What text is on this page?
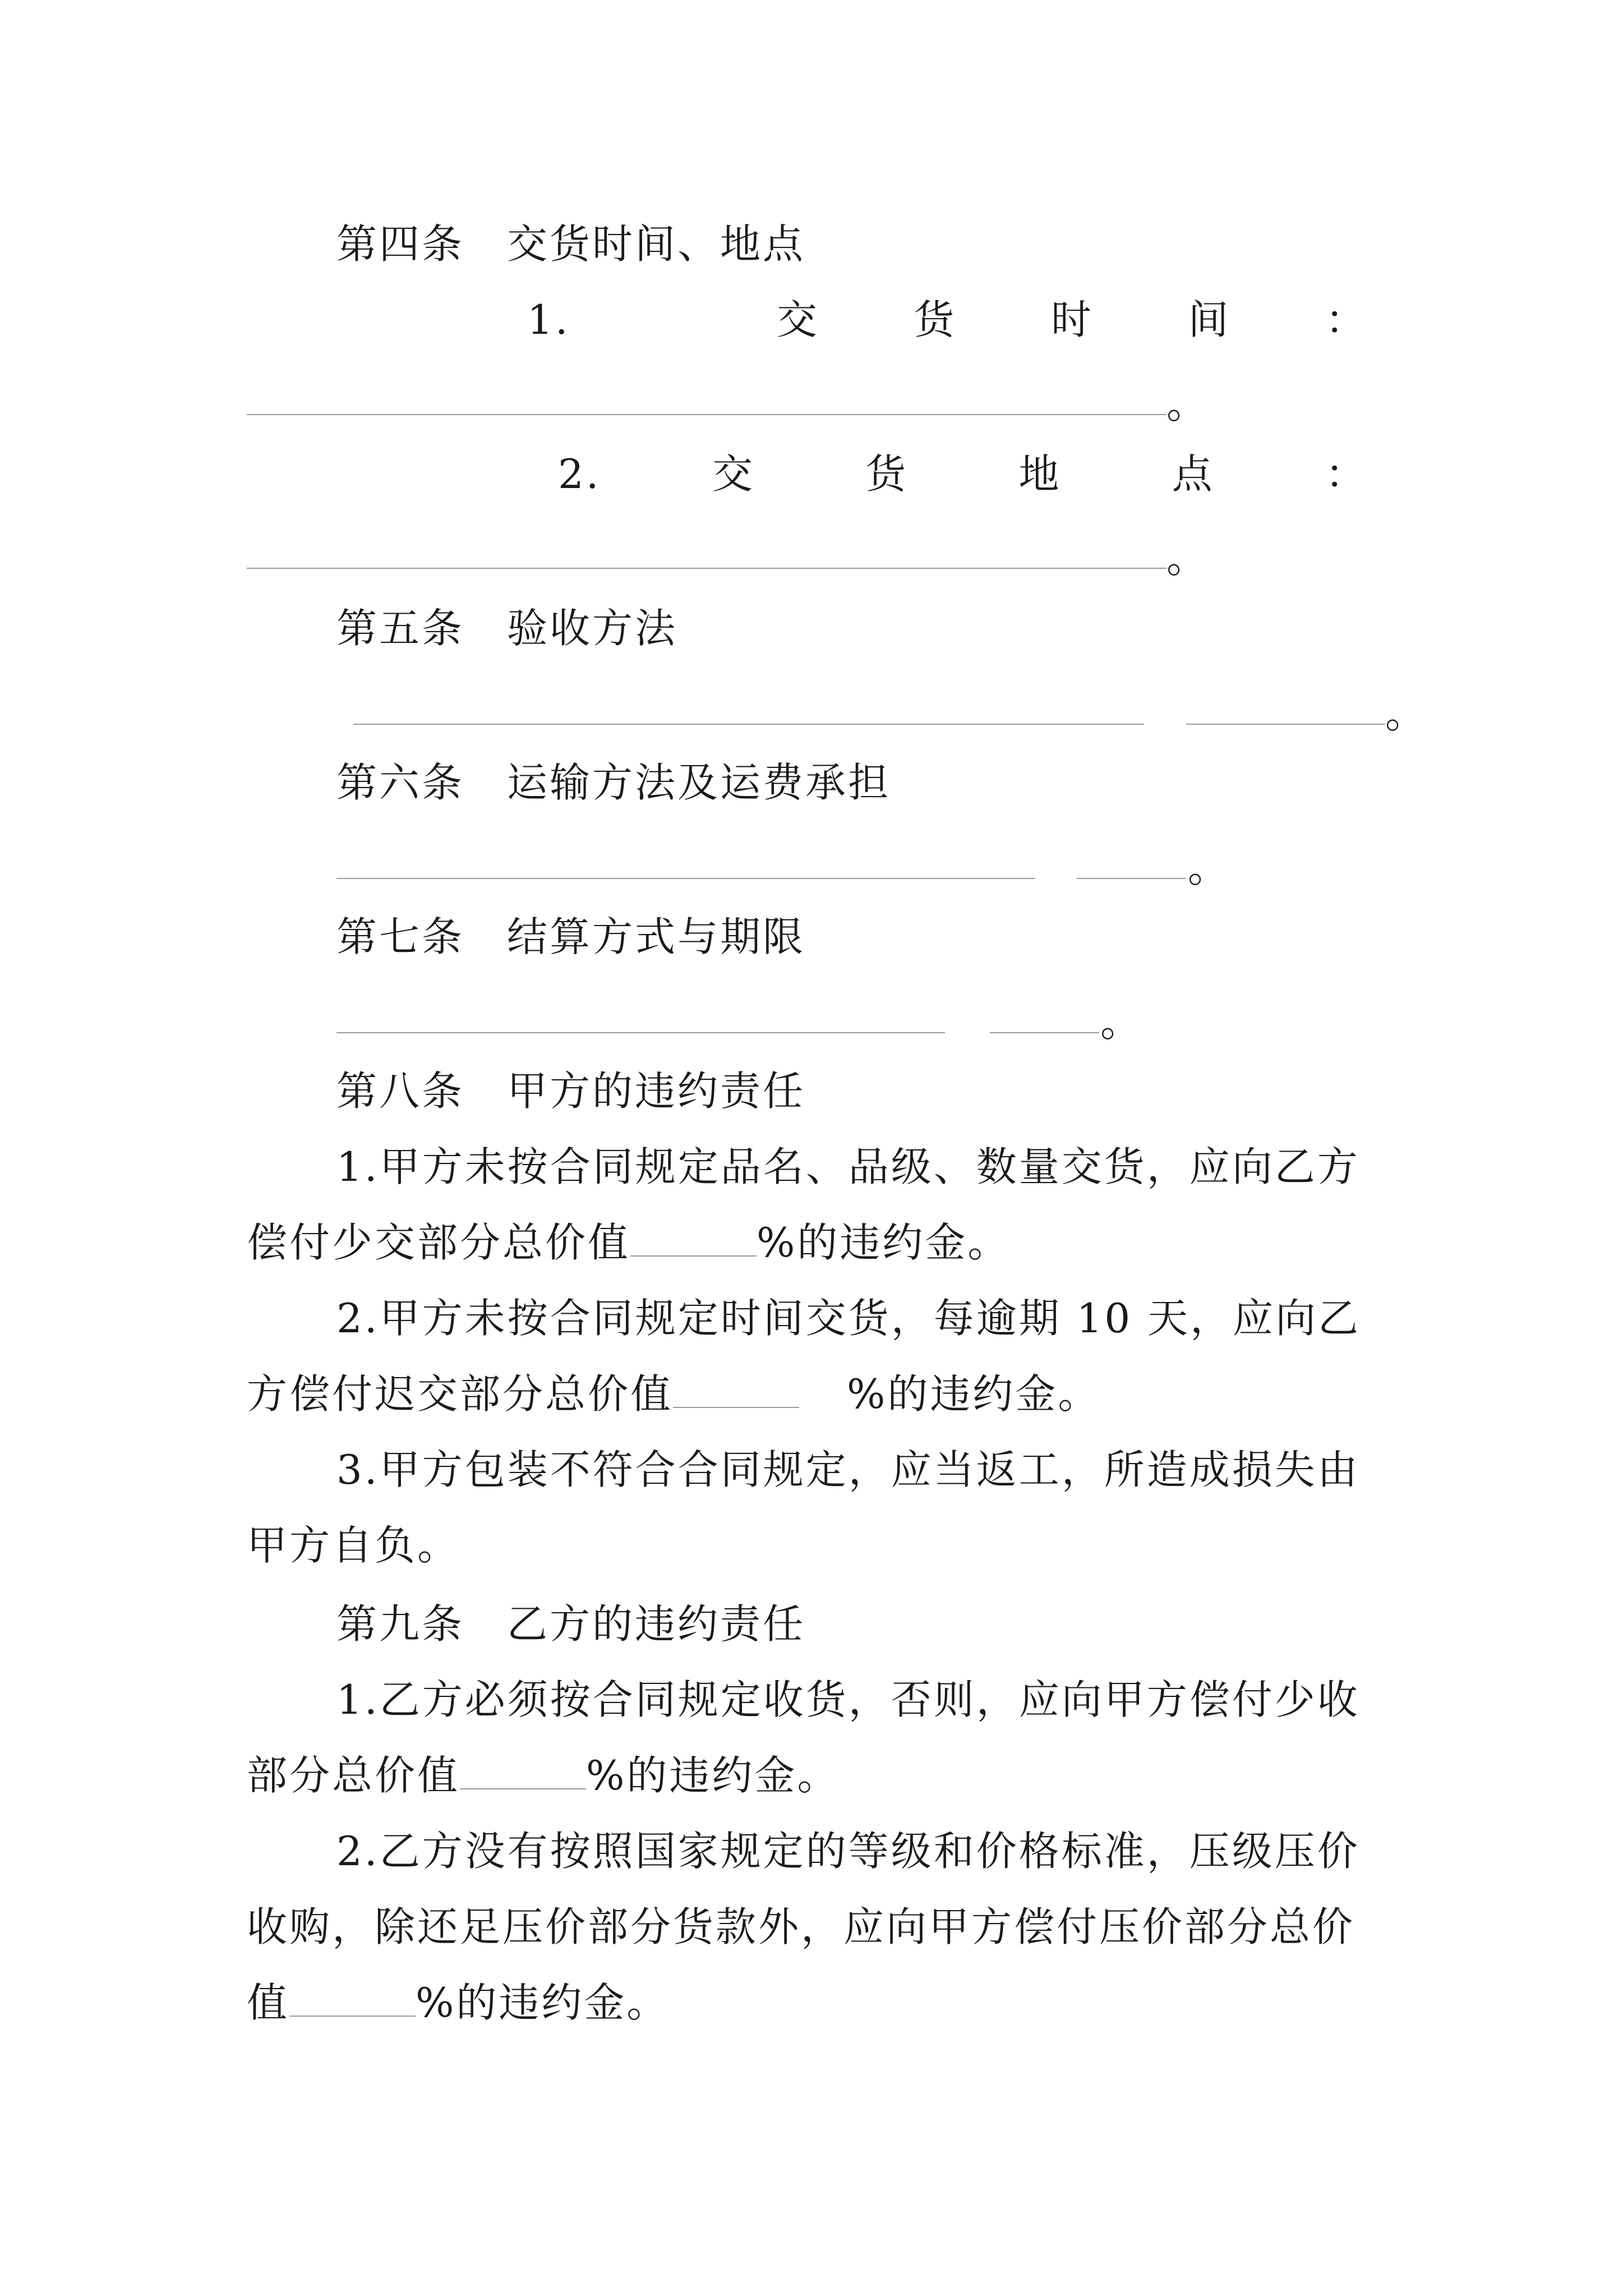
第四条　交货时间、地点
1.	交 货 时 间 ：
。
2.	交	货	地	点	：
。
第五条　验收方法
。
第六条　运输方法及运费承担
。
第七条　结算方式与期限
。
第八条　甲方的违约责任
1.甲方未按合同规定品名、品级、数量交货，应向乙方
偿付少交部分总价值	%的违约金。
2.甲方未按合同规定时间交货，每逾期 10 天，应向乙
方偿付迟交部分总价值	%的违约金。
3.甲方包装不符合合同规定，应当返工，所造成损失由
甲方自负。
第九条　乙方的违约责任
1.乙方必须按合同规定收货，否则，应向甲方偿付少收
部分总价值	%的违约金。
2.乙方没有按照国家规定的等级和价格标准，压级压价
收购，除还足压价部分货款外，应向甲方偿付压价部分总价
值	%的违约金。
